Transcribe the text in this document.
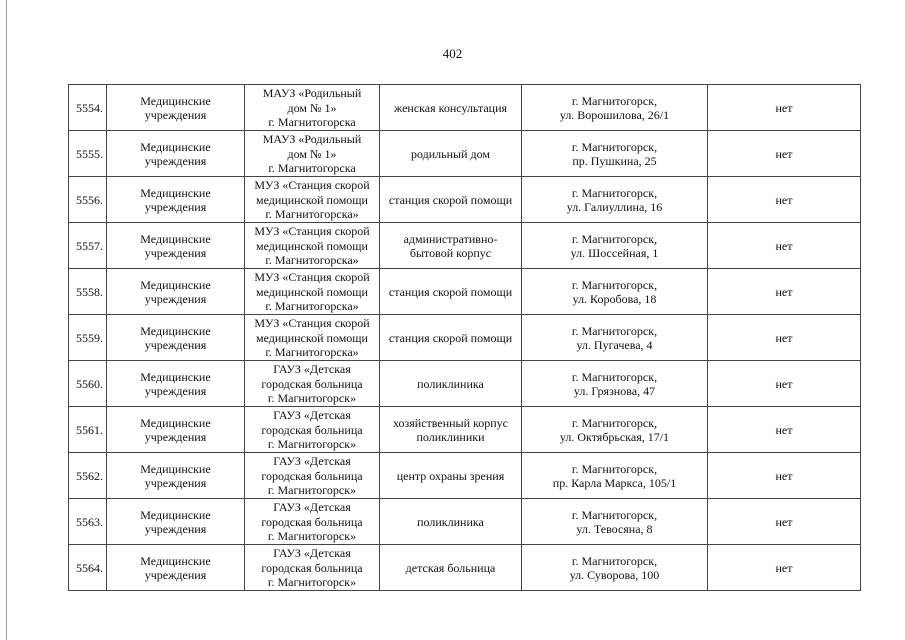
402
5554.	Медицинские
учреждения	МАУЗ «Родильный
дом № 1»
г. Магнитогорска	женская консультация	г. Магнитогорск,
ул. Ворошилова, 26/1	нет
5555.	Медицинские
учреждения	МАУЗ «Родильный
дом № 1»
г. Магнитогорска	родильный дом	г. Магнитогорск,
пр. Пушкина, 25	нет
5556.	Медицинские
учреждения	МУЗ «Станция скорой
медицинской помощи
г. Магнитогорска»	станция скорой помощи	г. Магнитогорск,
ул. Галиуллина, 16	нет
5557.	Медицинские
учреждения	МУЗ «Станция скорой
медицинской помощи
г. Магнитогорска»	административно-
бытовой корпус	г. Магнитогорск,
ул. Шоссейная, 1	нет
5558.	Медицинские
учреждения	МУЗ «Станция скорой
медицинской помощи
г. Магнитогорска»	станция скорой помощи	г. Магнитогорск,
ул. Коробова, 18	нет
5559.	Медицинские
учреждения	МУЗ «Станция скорой
медицинской помощи
г. Магнитогорска»	станция скорой помощи	г. Магнитогорск,
ул. Пугачева, 4	нет
5560.	Медицинские
учреждения	ГАУЗ «Детская
городская больница
г. Магнитогорск»	поликлиника	г. Магнитогорск,
ул. Грязнова, 47	нет
5561.	Медицинские
учреждения	ГАУЗ «Детская
городская больница
г. Магнитогорск»	хозяйственный корпус
поликлиники	г. Магнитогорск,
ул. Октябрьская, 17/1	нет
5562.	Медицинские
учреждения	ГАУЗ «Детская
городская больница
г. Магнитогорск»	центр охраны зрения	г. Магнитогорск,
пр. Карла Маркса, 105/1	нет
5563.	Медицинские
учреждения	ГАУЗ «Детская
городская больница
г. Магнитогорск»	поликлиника	г. Магнитогорск,
ул. Тевосяна, 8	нет
5564.	Медицинские
учреждения	ГАУЗ «Детская
городская больница
г. Магнитогорск»	детская больница	г. Магнитогорск,
ул. Суворова, 100	нет
